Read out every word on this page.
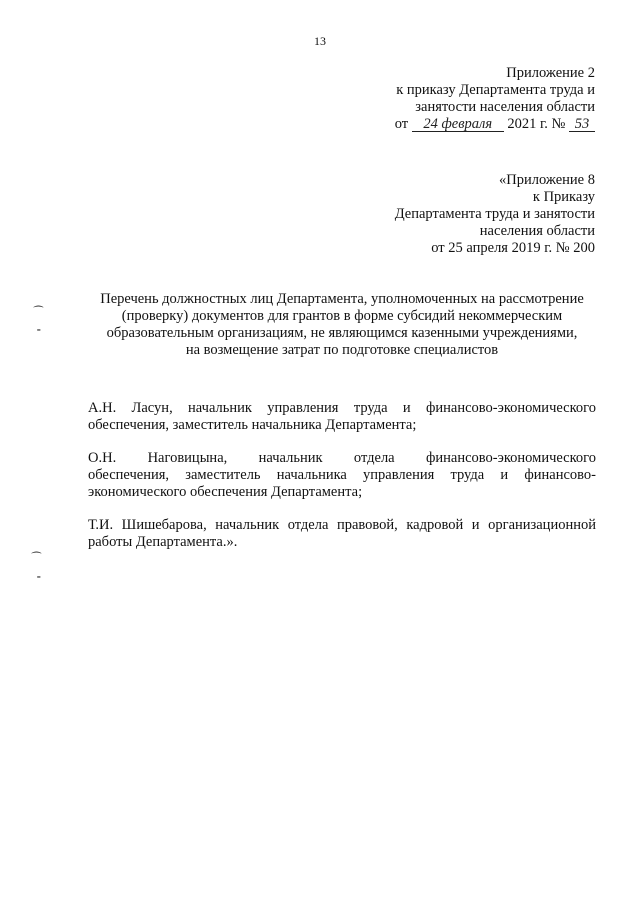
13
Приложение 2
к приказу Департамента труда и
занятости населения области
от 24 февраля 2021 г. № 53
«Приложение 8
к Приказу
Департамента труда и занятости
населения области
от 25 апреля 2019 г. № 200
Перечень должностных лиц Департамента, уполномоченных на рассмотрение
(проверку) документов для грантов в форме субсидий некоммерческим
образовательным организациям, не являющимся казенными учреждениями,
на возмещение затрат по подготовке специалистов
А.Н. Ласун, начальник управления труда и финансово-экономического
обеспечения, заместитель начальника Департамента;
О.Н. Наговицына, начальник отдела финансово-экономического
обеспечения, заместитель начальника управления труда и финансово-
экономического обеспечения Департамента;
Т.И. Шишебарова, начальник отдела правовой, кадровой и организационной
работы Департамента.».
⁀
⁃
⁀
⁃
